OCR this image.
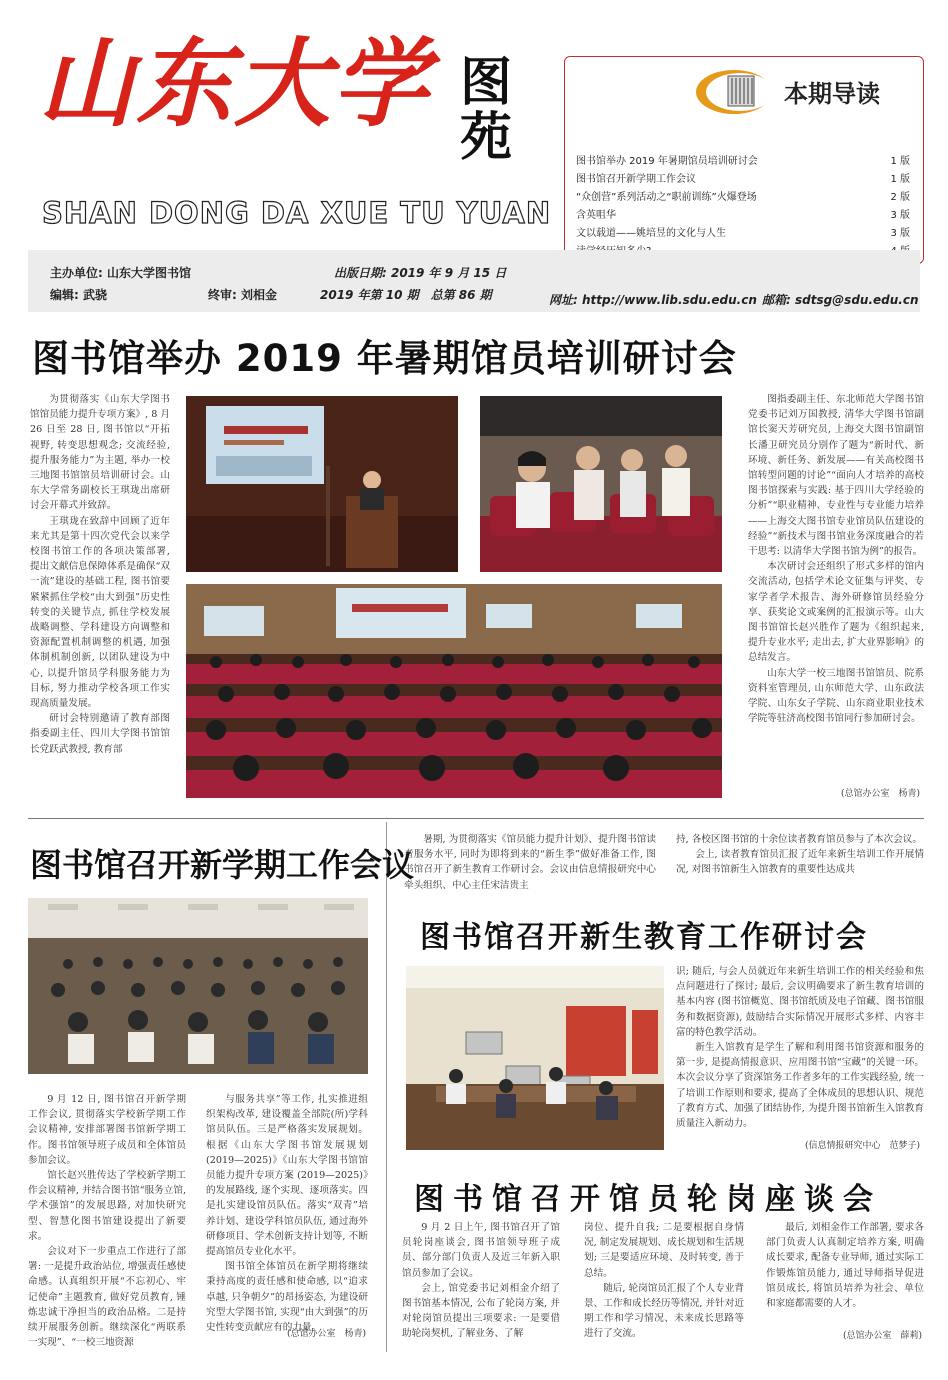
山东大学 图苑
SHAN DONG DA XUE TU YUAN
本期导读
图书馆举办 2019 年暑期馆员培训研讨会	1 版
图书馆召开新学期工作会议	1 版
“众创营”系列活动之“职前训练”火爆登场	2 版
含英咀华	3 版
文以载道——姚培昱的文化与人生	3 版
主办单位: 山东大学图书馆
编辑: 武骁	终审: 刘相金
出版日期: 2019 年 9 月 15 日
2019 年第 10 期　总第 86 期	网址: http://www.lib.sdu.edu.cn 邮箱: sdtsg@sdu.edu.cn
图书馆举办 2019 年暑期馆员培训研讨会

为贯彻落实《山东大学图书馆馆员能力提升专项方案》, 8 月 26 日至 28 日, 图书馆以“开拓视野, 转变思想观念; 交流经验, 提升服务能力”为主题, 举办一校三地图书馆馆员培训研讨会。山东大学常务副校长王琪珑出席研讨会开幕式并致辞。

王琪珑在致辞中回顾了近年来尤其是第十四次党代会以来学校图书馆工作的各项决策部署, 提出文献信息保障体系是确保“双一流”建设的基础工程, 图书馆要紧紧抓住学校“由大到强”历史性转变的关键节点, 抓住学校发展战略调整、学科建设方向调整和资源配置机制调整的机遇, 加强体制机制创新, 以团队建设为中心, 以提升馆员学科服务能力为目标, 努力推动学校各项工作实现高质量发展。

研讨会特别邀请了教育部图指委副主任、四川大学图书馆馆长党跃武教授, 教育部

图指委副主任、东北师范大学图书馆党委书记刘万国教授, 清华大学图书馆副馆长窦天芳研究员, 上海交大图书馆副馆长潘卫研究员分别作了题为“新时代、新环境、新任务、新发展——有关高校图书馆转型问题的讨论”“面向人才培养的高校图书馆探索与实践: 基于四川大学经验的分析”“职业精神、专业性与专业能力培养——上海交大图书馆专业馆员队伍建设的经验”“新技术与图书馆业务深度融合的若干思考: 以清华大学图书馆为例”的报告。

本次研讨会还组织了形式多样的馆内交流活动, 包括学术论文征集与评奖、专家学者学术报告、海外研修馆员经验分享、获奖论文或案例的汇报演示等。山大图书馆馆长赵兴胜作了题为《组织起来, 提升专业水平; 走出去, 扩大业界影响》的总结发言。

山东大学一校三地图书馆馆员、院系资料室管理员, 山东师范大学、山东政法学院、山东女子学院、山东商业职业技术学院等驻济高校图书馆同行参加研讨会。

(总馆办公室　杨青)
图书馆召开新学期工作会议

9 月 12 日, 图书馆召开新学期工作会议, 贯彻落实学校新学期工作会议精神, 安排部署图书馆新学期工作。图书馆领导班子成员和全体馆员参加会议。

馆长赵兴胜传达了学校新学期工作会议精神, 并结合图书馆“服务立馆, 学术强馆”的发展思路, 对加快研究型、智慧化图书馆建设提出了新要求。

会议对下一步重点工作进行了部署: 一是提升政治站位, 增强责任感使命感。认真组织开展“不忘初心、牢记使命”主题教育, 做好党员教育, 锤炼忠诚干净担当的政治品格。二是持续开展服务创新。继续深化“两联系一实现”、“一校三地资源

与服务共享”等工作, 扎实推进组织架构改革, 建设覆盖全部院(所)学科馆员队伍。三是严格落实发展规划。根据《山东大学图书馆发展规划 (2019—2025)》《山东大学图书馆馆员能力提升专项方案 (2019—2025)》的发展路线, 逐个实现、逐项落实。四是扎实建设馆员队伍。落实“双青”培养计划、建设学科馆员队伍, 通过海外研修项目、学术创新支持计划等, 不断提高馆员专业化水平。

图书馆全体馆员在新学期将继续秉持高度的责任感和使命感, 以“追求卓越, 只争朝夕”的昂扬姿态, 为建设研究型大学图书馆, 实现“由大到强”的历史性转变贡献应有的力量。

(总馆办公室　杨青)

暑期, 为贯彻落实《馆员能力提升计划》、提升图书馆读者服务水平, 同时为即将到来的“新生季”做好准备工作, 图书馆召开了新生教育工作研讨会。会议由信息情报研究中心牵头组织、中心主任宋洁贵主

持, 各校区图书馆的十余位读者教育馆员参与了本次会议。

会上, 读者教育馆员汇报了近年来新生培训工作开展情况, 对图书馆新生入馆教育的重要性达成共

图书馆召开新生教育工作研讨会

识; 随后, 与会人员就近年来新生培训工作的相关经验和焦点问题进行了探讨; 最后, 会议明确要求了新生教育培训的基本内容 (图书馆概览、图书馆纸质及电子馆藏、图书馆服务和数据资源), 鼓励结合实际情况开展形式多样、内容丰富的特色教学活动。

新生入馆教育是学生了解和利用图书馆资源和服务的第一步, 是提高情报意识、应用图书馆“宝藏”的关键一环。本次会议分享了资深馆务工作者多年的工作实践经验, 统一了培训工作原则和要求, 提高了全体成员的思想认识、规范了教育方式、加强了团结协作, 为提升图书馆新生入馆教育质量注入新动力。

(信息情报研究中心　范梦子)
图书馆召开馆员轮岗座谈会

9 月 2 日上午, 图书馆召开了馆员轮岗座谈会, 图书馆领导班子成员、部分部门负责人及近三年新入职馆员参加了会议。

会上, 馆党委书记刘相金介绍了图书馆基本情况, 公布了轮岗方案, 并对轮岗馆员提出三项要求: 一是要借助轮岗契机, 了解业务、了解

岗位、提升自我; 二是要根据自身情况, 制定发展规划、成长规划和生活规划; 三是要适应环境、及时转变, 善于总结。

随后, 轮岗馆员汇报了个人专业背景、工作和成长经历等情况, 并针对近期工作和学习情况、未来成长思路等进行了交流。

最后, 刘相金作工作部署, 要求各部门负责人认真制定培养方案, 明确成长要求, 配备专业导师, 通过实际工作锻炼馆员能力, 通过导师指导促进馆员成长, 将馆员培养为社会、单位和家庭都需要的人才。

(总馆办公室　薛莉)
